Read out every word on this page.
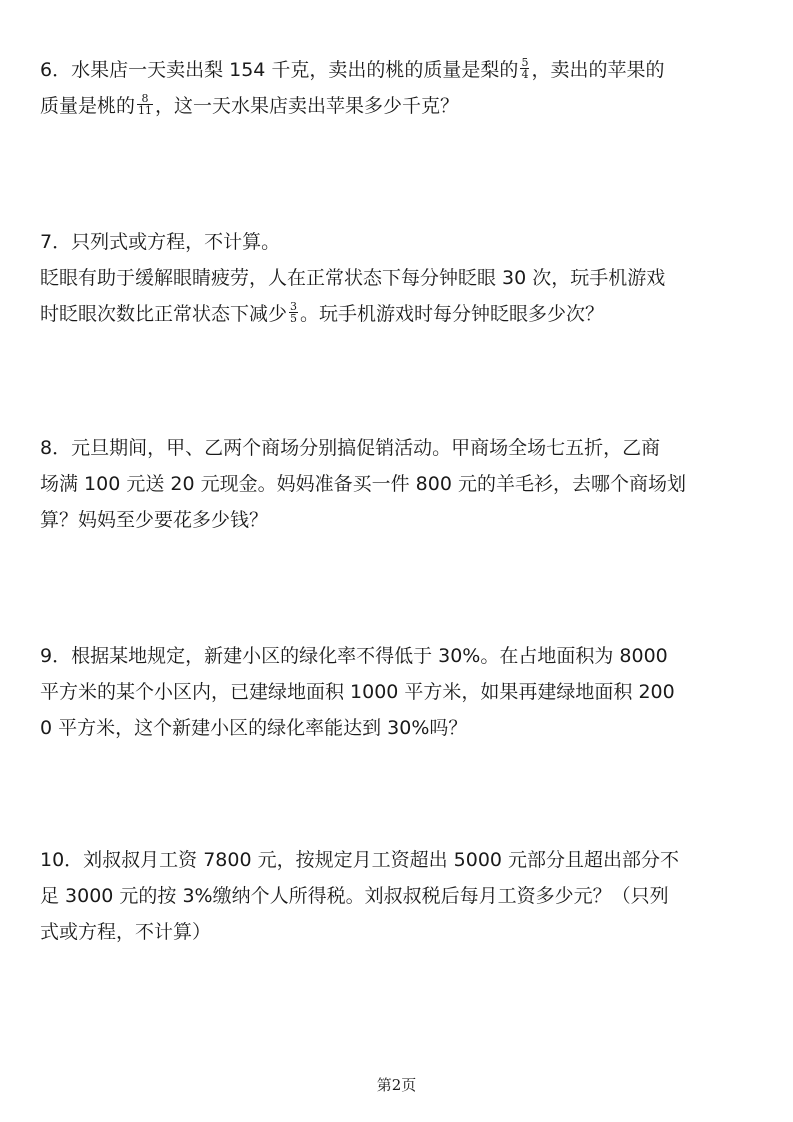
6．水果店一天卖出梨 154 千克，卖出的桃的质量是梨的 $\frac{5}{4}$ ，卖出的苹果的

质量是桃的 $\frac{8}{11}$ ，这一天水果店卖出苹果多少千克？

7．只列式或方程，不计算。

眨眼有助于缓解眼睛疲劳，人在正常状态下每分钟眨眼 30 次，玩手机游戏

时眨眼次数比正常状态下减少 $\frac{3}{5}$ 。玩手机游戏时每分钟眨眼多少次？

8．元旦期间，甲、乙两个商场分别搞促销活动。甲商场全场七五折，乙商

场满 100 元送 20 元现金。妈妈准备买一件 800 元的羊毛衫，去哪个商场划

算？妈妈至少要花多少钱？

9．根据某地规定，新建小区的绿化率不得低于 30%。在占地面积为 8000

平方米的某个小区内，已建绿地面积 1000 平方米，如果再建绿地面积 200

0 平方米，这个新建小区的绿化率能达到 30%吗？

10．刘叔叔月工资 7800 元，按规定月工资超出 5000 元部分且超出部分不

足 3000 元的按 3%缴纳个人所得税。刘叔叔税后每月工资多少元？（只列

式或方程，不计算）

第2页
